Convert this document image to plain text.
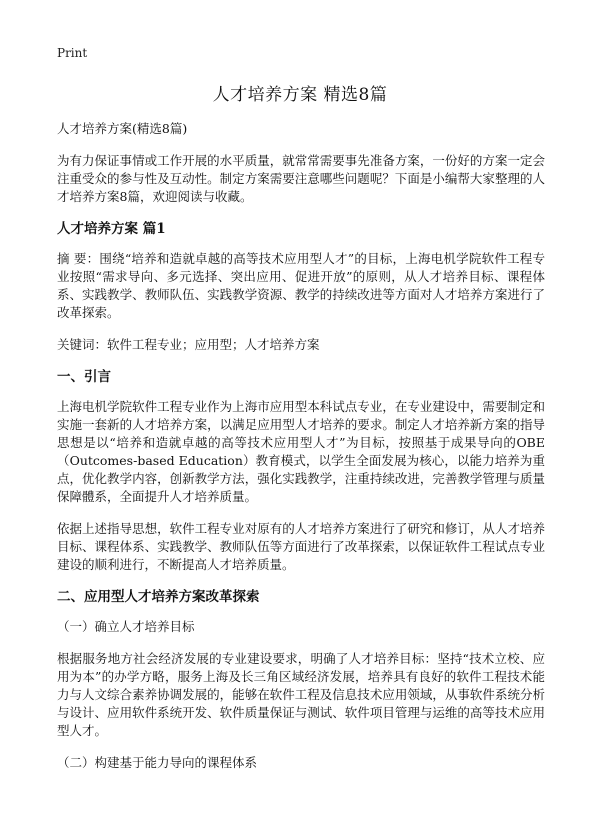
Print
人才培养方案 精选8篇

人才培养方案(精选8篇)

为有力保证事情或工作开展的水平质量，就常常需要事先准备方案，一份好的方案一定会注重受众的参与性及互动性。制定方案需要注意哪些问题呢？下面是小编帮大家整理的人才培养方案8篇，欢迎阅读与收藏。

人才培养方案 篇1

摘 要：围绕“培养和造就卓越的高等技术应用型人才”的目标，上海电机学院软件工程专业按照“需求导向、多元选择、突出应用、促进开放”的原则，从人才培养目标、课程体系、实践教学、教师队伍、实践教学资源、教学的持续改进等方面对人才培养方案进行了改革探索。

关键词：软件工程专业；应用型；人才培养方案

一、引言

上海电机学院软件工程专业作为上海市应用型本科试点专业，在专业建设中，需要制定和实施一套新的人才培养方案，以满足应用型人才培养的要求。制定人才培养新方案的指导思想是以“培养和造就卓越的高等技术应用型人才”为目标，按照基于成果导向的OBE（Outcomes-based Education）教育模式，以学生全面发展为核心，以能力培养为重点，优化教学内容，创新教学方法，强化实践教学，注重持续改进，完善教学管理与质量保障體系，全面提升人才培养质量。

依据上述指导思想，软件工程专业对原有的人才培养方案进行了研究和修订，从人才培养目标、课程体系、实践教学、教师队伍等方面进行了改革探索，以保证软件工程试点专业建设的顺利进行，不断提高人才培养质量。

二、应用型人才培养方案改革探索

（一）确立人才培养目标

根据服务地方社会经济发展的专业建设要求，明确了人才培养目标：坚持“技术立校、应用为本”的办学方略，服务上海及长三角区域经济发展，培养具有良好的软件工程技术能力与人文综合素养协调发展的，能够在软件工程及信息技术应用领域，从事软件系统分析与设计、应用软件系统开发、软件质量保证与测试、软件项目管理与运维的高等技术应用型人才。

（二）构建基于能力导向的课程体系
